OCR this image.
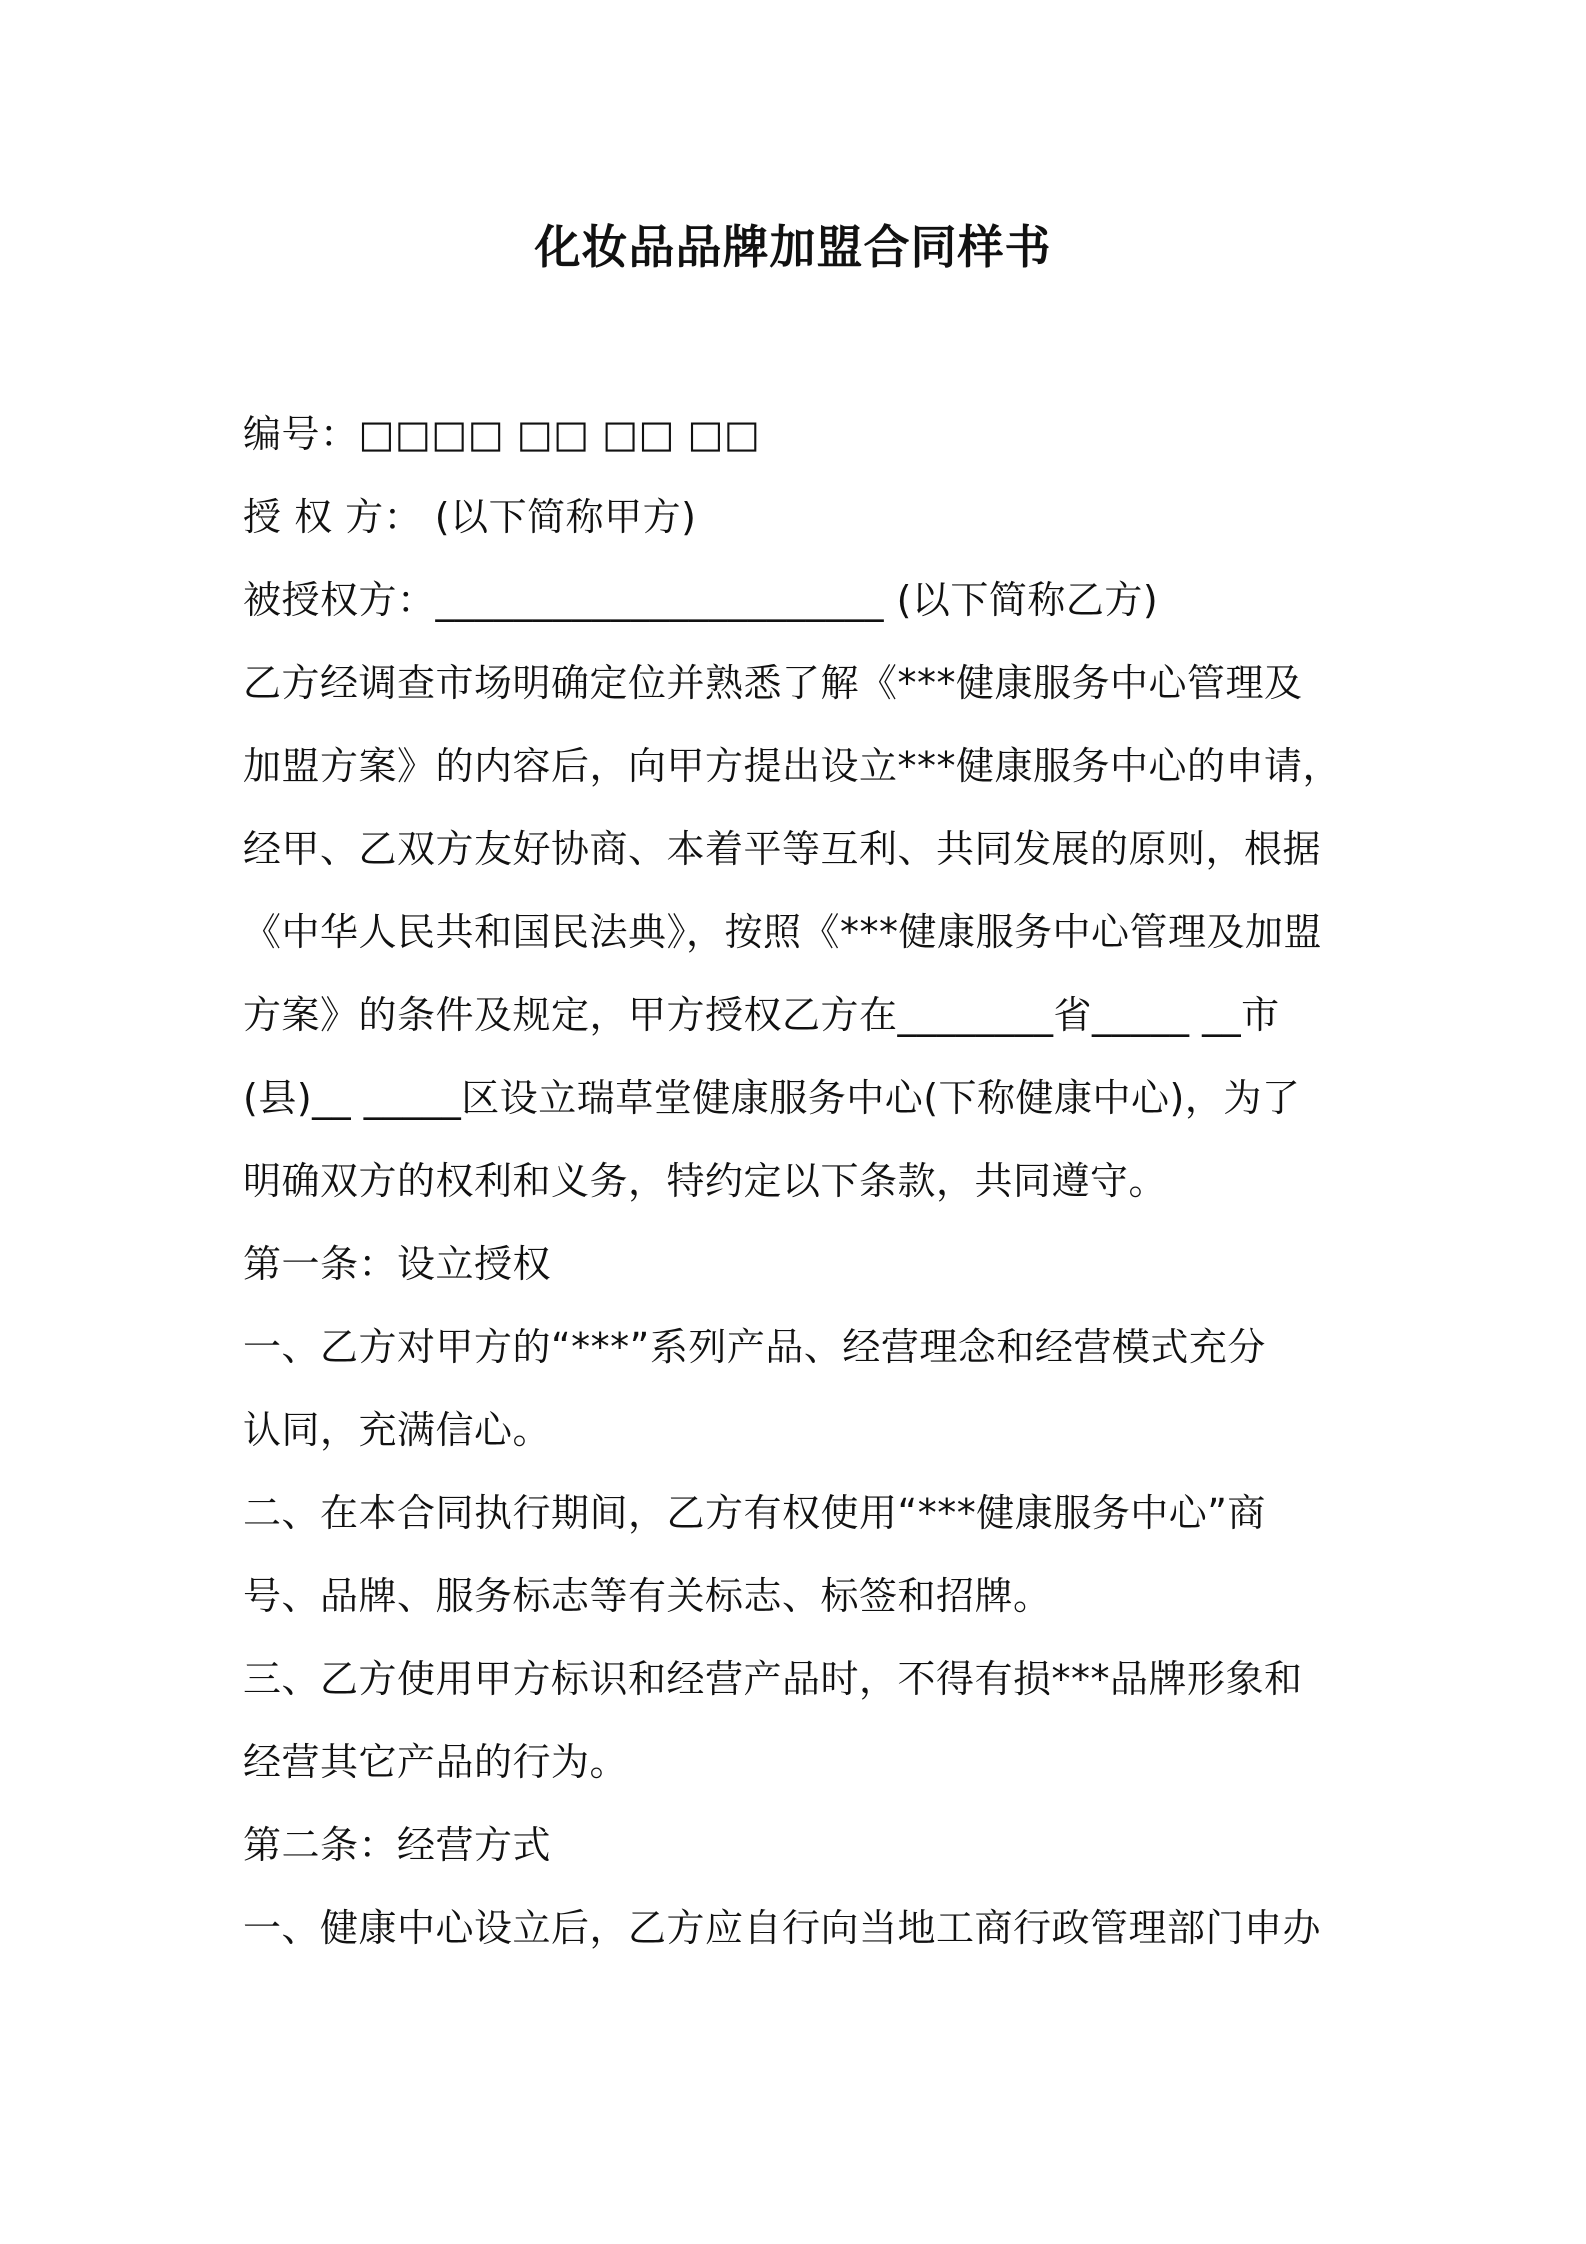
化妆品品牌加盟合同样书
编号：□□□□ □□ □□ □□
授 权 方： (以下简称甲方)
被授权方：_______________________ (以下简称乙方)
乙方经调查市场明确定位并熟悉了解《***健康服务中心管理及
加盟方案》的内容后，向甲方提出设立***健康服务中心的申请，
经甲、乙双方友好协商、本着平等互利、共同发展的原则，根据
《中华人民共和国民法典》，按照《***健康服务中心管理及加盟
方案》的条件及规定，甲方授权乙方在________省_____ __市
(县)__ _____区设立瑞草堂健康服务中心(下称健康中心)，为了
明确双方的权利和义务，特约定以下条款，共同遵守。
第一条：设立授权
一、乙方对甲方的“***”系列产品、经营理念和经营模式充分
认同，充满信心。
二、在本合同执行期间，乙方有权使用“***健康服务中心”商
号、品牌、服务标志等有关标志、标签和招牌。
三、乙方使用甲方标识和经营产品时，不得有损***品牌形象和
经营其它产品的行为。
第二条：经营方式
一、健康中心设立后，乙方应自行向当地工商行政管理部门申办
